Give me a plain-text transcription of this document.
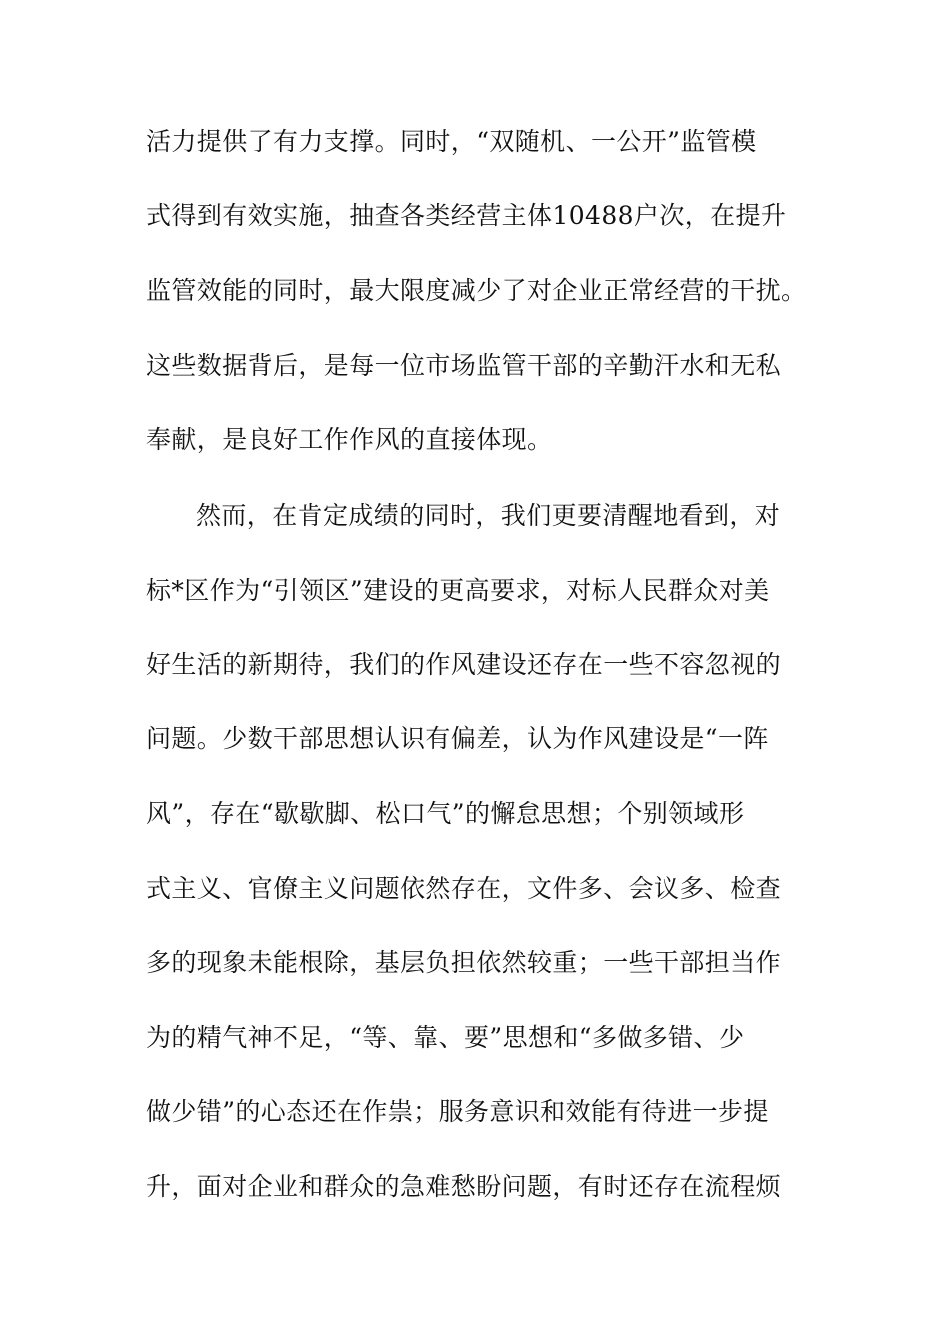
活力提供了有力支撑。同时，“双随机、一公开”监管模
式得到有效实施，抽查各类经营主体10488户次，在提升
监管效能的同时，最大限度减少了对企业正常经营的干扰。
这些数据背后，是每一位市场监管干部的辛勤汗水和无私
奉献，是良好工作作风的直接体现。
然而，在肯定成绩的同时，我们更要清醒地看到，对
标*区作为“引领区”建设的更高要求，对标人民群众对美
好生活的新期待，我们的作风建设还存在一些不容忽视的
问题。少数干部思想认识有偏差，认为作风建设是“一阵
风”，存在“歇歇脚、松口气”的懈怠思想；个别领域形
式主义、官僚主义问题依然存在，文件多、会议多、检查
多的现象未能根除，基层负担依然较重；一些干部担当作
为的精气神不足，“等、靠、要”思想和“多做多错、少
做少错”的心态还在作祟；服务意识和效能有待进一步提
升，面对企业和群众的急难愁盼问题，有时还存在流程烦
